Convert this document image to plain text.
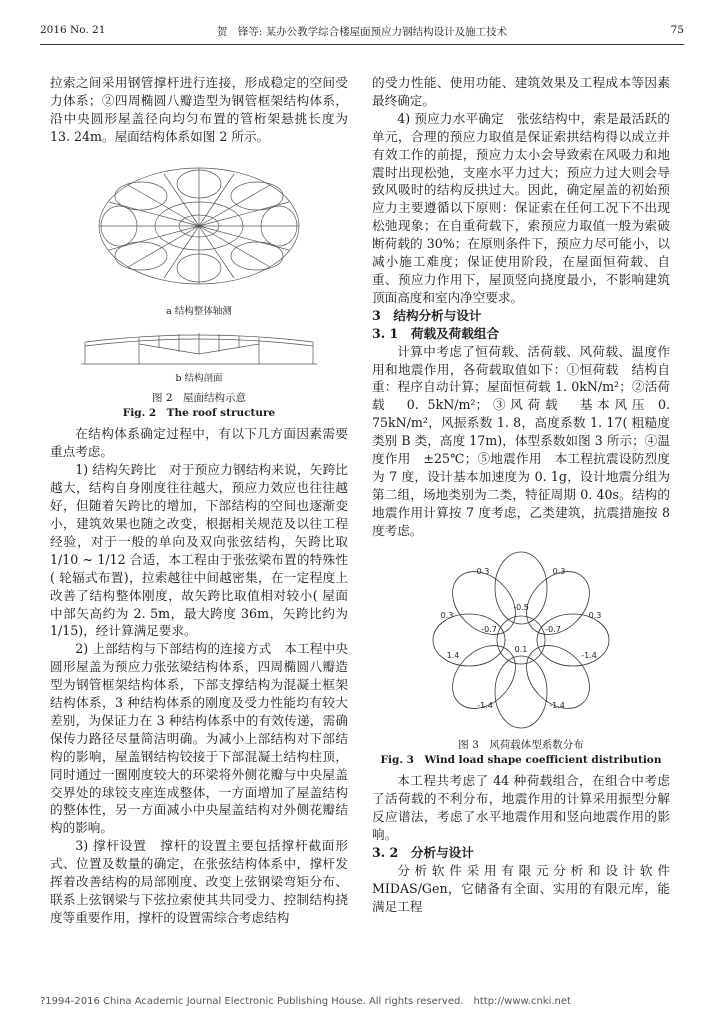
2016 No. 21	贺　锋等: 某办公教学综合楼屋面预应力钢结构设计及施工技术	75

拉索之间采用钢管撑杆进行连接，形成稳定的空间受力体系；②四周椭圆八瓣造型为钢管框架结构体系，沿中央圆形屋盖径向均匀布置的管桁架悬挑长度为 13. 24m。屋面结构体系如图 2 所示。

a 结构整体轴测
b 结构剖面
图 2　屋面结构示意
Fig. 2　The roof structure

在结构体系确定过程中，有以下几方面因素需要重点考虑。

1) 结构矢跨比　对于预应力钢结构来说，矢跨比越大，结构自身刚度往往越大，预应力效应也往往越好，但随着矢跨比的增加，下部结构的空间也逐渐变小，建筑效果也随之改变，根据相关规范及以往工程经验，对于一般的单向及双向张弦结构，矢跨比取 1/10 ~ 1/12 合适，本工程由于张弦梁布置的特殊性( 轮辐式布置)，拉索越往中间越密集，在一定程度上改善了结构整体刚度，故矢跨比取值相对较小( 屋面中部矢高约为 2. 5m，最大跨度 36m，矢跨比约为 1/15)，经计算满足要求。

2) 上部结构与下部结构的连接方式　本工程中央圆形屋盖为预应力张弦梁结构体系，四周椭圆八瓣造型为钢管框架结构体系，下部支撑结构为混凝土框架结构体系，3 种结构体系的刚度及受力性能均有较大差别，为保证力在 3 种结构体系中的有效传递，需确保传力路径尽量简洁明确。为减小上部结构对下部结构的影响，屋盖钢结构铰接于下部混凝土结构柱顶，同时通过一圈刚度较大的环梁将外侧花瓣与中央屋盖交界处的球铰支座连成整体，一方面增加了屋盖结构的整体性，另一方面减小中央屋盖结构对外侧花瓣结构的影响。

3) 撑杆设置　撑杆的设置主要包括撑杆截面形式、位置及数量的确定，在张弦结构体系中，撑杆发挥着改善结构的局部刚度、改变上弦钢梁弯矩分布、联系上弦钢梁与下弦拉索使其共同受力、控制结构挠度等重要作用，撑杆的设置需综合考虑结构

的受力性能、使用功能、建筑效果及工程成本等因素最终确定。

4) 预应力水平确定　张弦结构中，索是最活跃的单元，合理的预应力取值是保证索拱结构得以成立并有效工作的前提，预应力太小会导致索在风吸力和地震时出现松弛，支座水平力过大；预应力过大则会导致风吸时的结构反拱过大。因此，确定屋盖的初始预应力主要遵循以下原则：保证索在任何工况下不出现松弛现象；在自重荷载下，索预应力取值一般为索破断荷载的 30%；在原则条件下，预应力尽可能小，以减小施工难度；保证使用阶段，在屋面恒荷载、自重、预应力作用下，屋顶竖向挠度最小，不影响建筑顶面高度和室内净空要求。

3　结构分析与设计

3. 1　荷载及荷载组合

计算中考虑了恒荷载、活荷载、风荷载、温度作用和地震作用，各荷载取值如下：①恒荷载　结构自重：程序自动计算；屋面恒荷载 1. 0kN/m²；②活荷载　0. 5kN/m²；③风荷载　基本风压 0. 75kN/m²，风振系数 1. 8，高度系数 1. 17( 粗糙度类别 B 类，高度 17m)，体型系数如图 3 所示；④温度作用　±25℃；⑤地震作用　本工程抗震设防烈度为 7 度，设计基本加速度为 0. 1g，设计地震分组为第二组，场地类别为二类，特征周期 0. 40s。结构的地震作用计算按 7 度考虑，乙类建筑，抗震措施按 8 度考虑。

0.3	0.3
-0.5
0.3	0.3
-0.7	-0.7
0.1
1.4	-1.4
-1.4	-1.4
图 3　风荷载体型系数分布
Fig. 3　Wind load shape coefficient distribution

本工程共考虑了 44 种荷载组合，在组合中考虑了活荷载的不利分布，地震作用的计算采用振型分解反应谱法，考虑了水平地震作用和竖向地震作用的影响。

3. 2　分析与设计

分析软件采用有限元分析和设计软件 MIDAS/Gen，它储备有全面、实用的有限元库，能满足工程

?1994-2016 China Academic Journal Electronic Publishing House. All rights reserved.　http://www.cnki.net
